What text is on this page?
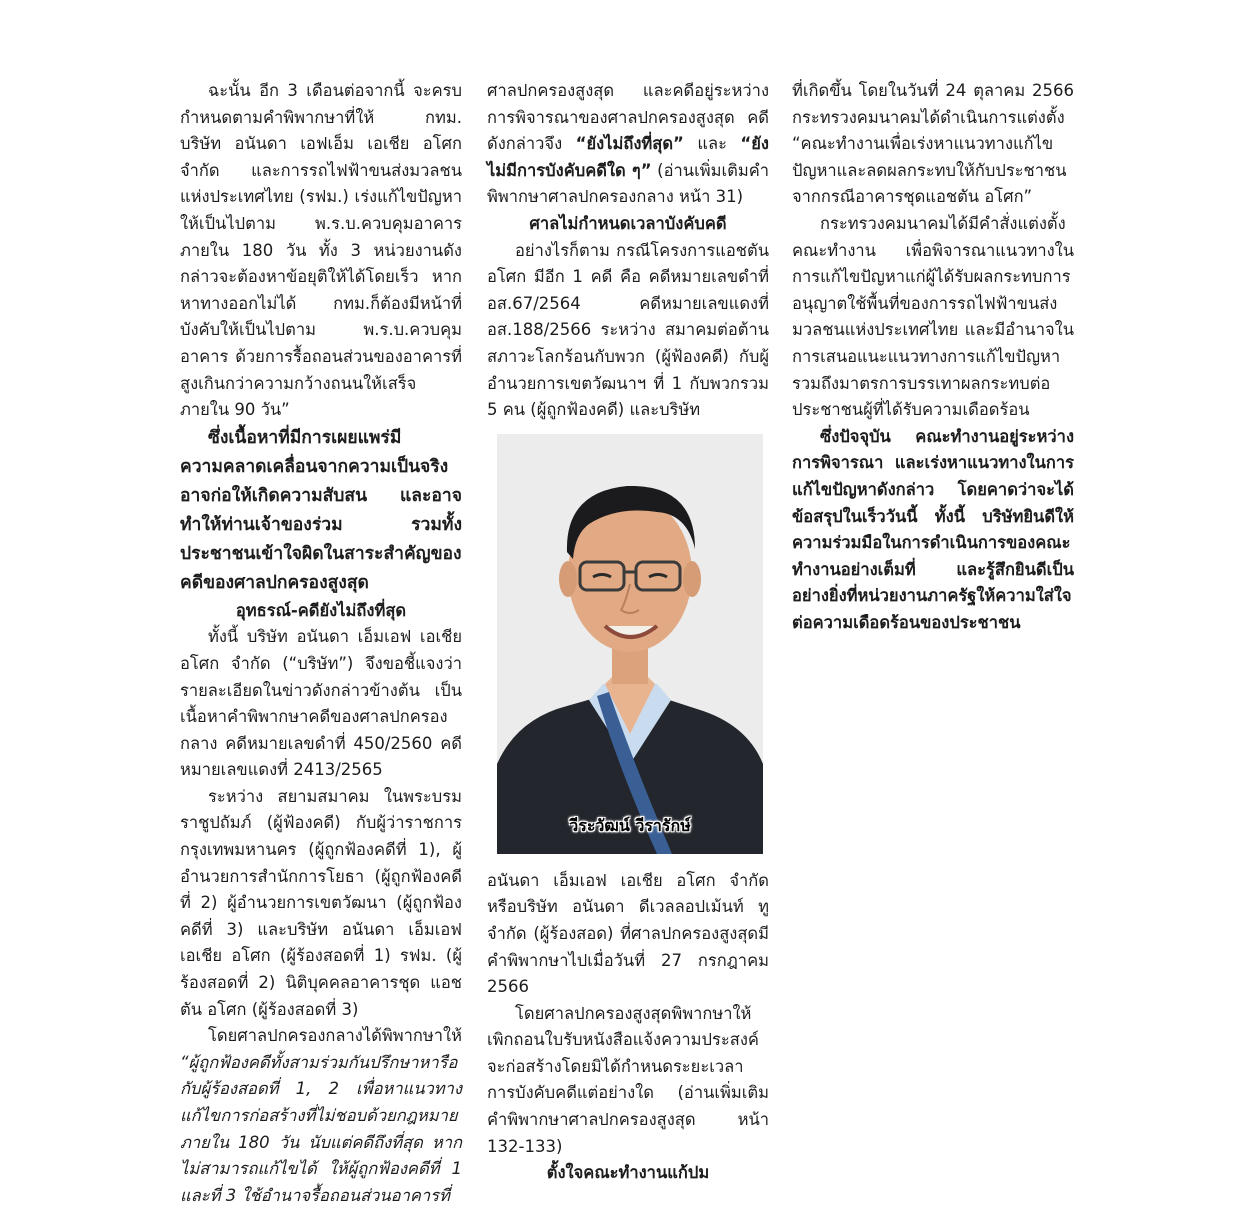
ฉะนั้น อีก 3 เดือนต่อจากนี้ จะครบกำหนดตามคำพิพากษาที่ให้ กทม. บริษัท อนันดา เอฟเอ็ม เอเชีย อโศก จำกัด และการรถไฟฟ้าขนส่งมวลชนแห่งประเทศไทย (รฟม.) เร่งแก้ไขปัญหาให้เป็นไปตาม พ.ร.บ.ควบคุมอาคาร ภายใน 180 วัน ทั้ง 3 หน่วยงานดังกล่าวจะต้องหาข้อยุติให้ได้โดยเร็ว หากหาทางออกไม่ได้ กทม.ก็ต้องมีหน้าที่บังคับให้เป็นไปตาม พ.ร.บ.ควบคุมอาคาร ด้วยการรื้อถอนส่วนของอาคารที่สูงเกินกว่าความกว้างถนนให้เสร็จภายใน 90 วัน”

ซึ่งเนื้อหาที่มีการเผยแพร่มีความคลาดเคลื่อนจากความเป็นจริง อาจก่อให้เกิดความสับสน และอาจทำให้ท่านเจ้าของร่วม รวมทั้งประชาชนเข้าใจผิดในสาระสำคัญของคดีของศาลปกครองสูงสุด

อุทธรณ์-คดียังไม่ถึงที่สุด

ทั้งนี้ บริษัท อนันดา เอ็มเอฟ เอเชีย อโศก จำกัด (“บริษัท”) จึงขอชี้แจงว่า รายละเอียดในข่าวดังกล่าวข้างต้น เป็นเนื้อหาคำพิพากษาคดีของศาลปกครองกลาง คดีหมายเลขดำที่ 450/2560 คดีหมายเลขแดงที่ 2413/2565

ระหว่าง สยามสมาคม ในพระบรมราชูปถัมภ์ (ผู้ฟ้องคดี) กับผู้ว่าราชการกรุงเทพมหานคร (ผู้ถูกฟ้องคดีที่ 1), ผู้อำนวยการสำนักการโยธา (ผู้ถูกฟ้องคดีที่ 2) ผู้อำนวยการเขตวัฒนา (ผู้ถูกฟ้องคดีที่ 3) และบริษัท อนันดา เอ็มเอฟ เอเชีย อโศก (ผู้ร้องสอดที่ 1) รฟม. (ผู้ร้องสอดที่ 2) นิติบุคคลอาคารชุด แอชตัน อโศก (ผู้ร้องสอดที่ 3)

โดยศาลปกครองกลางได้พิพากษาให้
“ผู้ถูกฟ้องคดีทั้งสามร่วมกันปรึกษาหารือกับผู้ร้องสอดที่ 1, 2 เพื่อหาแนวทางแก้ไขการก่อสร้างที่ไม่ชอบด้วยกฎหมาย ภายใน 180 วัน นับแต่คดีถึงที่สุด หากไม่สามารถแก้ไขได้ ให้ผู้ถูกฟ้องคดีที่ 1 และที่ 3 ใช้อำนาจรื้อถอนส่วนอาคารที่

ศาลปกครองสูงสุด และคดีอยู่ระหว่างการพิจารณาของศาลปกครองสูงสุด คดีดังกล่าวจึง “ยังไม่ถึงที่สุด” และ “ยังไม่มีการบังคับคดีใด ๆ” (อ่านเพิ่มเติมคำพิพากษาศาลปกครองกลาง หน้า 31)

ศาลไม่กำหนดเวลาบังคับคดี

อย่างไรก็ตาม กรณีโครงการแอชตัน อโศก มีอีก 1 คดี คือ คดีหมายเลขดำที่ อส.67/2564 คดีหมายเลขแดงที่ อส.188/2566 ระหว่าง สมาคมต่อต้านสภาวะโลกร้อนกับพวก (ผู้ฟ้องคดี) กับผู้อำนวยการเขตวัฒนาฯ ที่ 1 กับพวกรวม 5 คน (ผู้ถูกฟ้องคดี) และบริษัท

วีระวัฒน์ วีรารักษ์

อนันดา เอ็มเอฟ เอเชีย อโศก จำกัด หรือบริษัท อนันดา ดีเวลลอปเม้นท์ ทู จำกัด (ผู้ร้องสอด) ที่ศาลปกครองสูงสุดมีคำพิพากษาไปเมื่อวันที่ 27 กรกฎาคม 2566

โดยศาลปกครองสูงสุดพิพากษาให้เพิกถอนใบรับหนังสือแจ้งความประสงค์จะก่อสร้างโดยมิได้กำหนดระยะเวลาการบังคับคดีแต่อย่างใด (อ่านเพิ่มเติมคำพิพากษาศาลปกครองสูงสุด หน้า 132-133)

ตั้งใจคณะทำงานแก้ปม

ที่เกิดขึ้น โดยในวันที่ 24 ตุลาคม 2566 กระทรวงคมนาคมได้ดำเนินการแต่งตั้ง “คณะทำงานเพื่อเร่งหาแนวทางแก้ไขปัญหาและลดผลกระทบให้กับประชาชนจากกรณีอาคารชุดแอชตัน อโศก”

กระทรวงคมนาคมได้มีคำสั่งแต่งตั้งคณะทำงาน เพื่อพิจารณาแนวทางในการแก้ไขปัญหาแก่ผู้ได้รับผลกระทบการอนุญาตใช้พื้นที่ของการรถไฟฟ้าขนส่งมวลชนแห่งประเทศไทย และมีอำนาจในการเสนอแนะแนวทางการแก้ไขปัญหา รวมถึงมาตรการบรรเทาผลกระทบต่อประชาชนผู้ที่ได้รับความเดือดร้อน

ซึ่งปัจจุบัน คณะทำงานอยู่ระหว่างการพิจารณา และเร่งหาแนวทางในการแก้ไขปัญหาดังกล่าว โดยคาดว่าจะได้ข้อสรุปในเร็ววันนี้ ทั้งนี้ บริษัทยินดีให้ความร่วมมือในการดำเนินการของคณะทำงานอย่างเต็มที่ และรู้สึกยินดีเป็นอย่างยิ่งที่หน่วยงานภาครัฐให้ความใส่ใจต่อความเดือดร้อนของประชาชน
